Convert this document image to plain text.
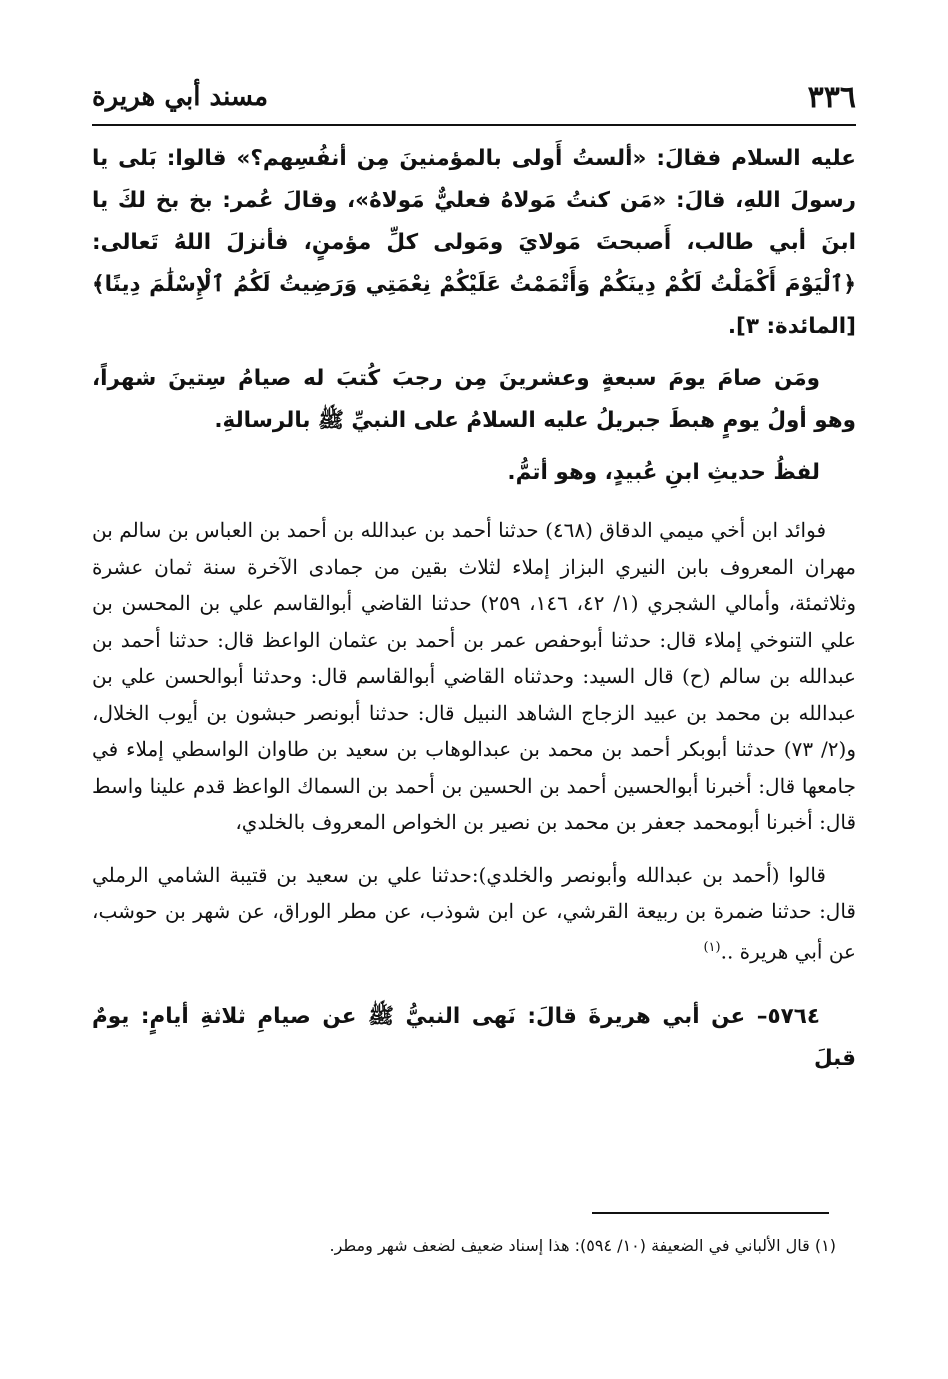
٣٣٦
مسند أبي هريرة

عليه السلام فقالَ: «ألستُ أَولى بالمؤمنينَ مِن أنفُسِهم؟» قالوا: بَلى يا رسولَ اللهِ، قالَ: «مَن كنتُ مَولاهُ فعليٌّ مَولاهُ»، وقالَ عُمر: بخ بخ لكَ يا ابنَ أبي طالب، أَصبحتَ مَولايَ ومَولى كلِّ مؤمنٍ، فأنزلَ اللهُ تَعالى: ﴿ٱلْيَوْمَ أَكْمَلْتُ لَكُمْ دِينَكُمْ وَأَتْمَمْتُ عَلَيْكُمْ نِعْمَتِي وَرَضِيتُ لَكُمُ ٱلْإِسْلَٰمَ دِينًا﴾ [المائدة: ٣].

ومَن صامَ يومَ سبعةٍ وعشرينَ مِن رجبَ كُتبَ له صيامُ سِتينَ شهراً، وهو أولُ يومٍ هبطَ جبريلُ عليه السلامُ على النبيِّ ﷺ بالرسالةِ.

لفظُ حديثِ ابنِ عُبيدٍ، وهو أتمُّ.

فوائد ابن أخي ميمي الدقاق (٤٦٨) حدثنا أحمد بن عبدالله بن أحمد بن العباس بن سالم بن مهران المعروف بابن النيري البزاز إملاء لثلاث بقين من جمادى الآخرة سنة ثمان عشرة وثلاثمئة، وأمالي الشجري (١/ ٤٢، ١٤٦، ٢٥٩) حدثنا القاضي أبوالقاسم علي بن المحسن بن علي التنوخي إملاء قال: حدثنا أبوحفص عمر بن أحمد بن عثمان الواعظ قال: حدثنا أحمد بن عبدالله بن سالم (ح) قال السيد: وحدثناه القاضي أبوالقاسم قال: وحدثنا أبوالحسن علي بن عبدالله بن محمد بن عبيد الزجاج الشاهد النبيل قال: حدثنا أبونصر حبشون بن أيوب الخلال، و(٢/ ٧٣) حدثنا أبوبكر أحمد بن محمد بن عبدالوهاب بن سعيد بن طاوان الواسطي إملاء في جامعها قال: أخبرنا أبوالحسين أحمد بن الحسين بن أحمد بن السماك الواعظ قدم علينا واسط قال: أخبرنا أبومحمد جعفر بن محمد بن نصير بن الخواص المعروف بالخلدي،

قالوا (أحمد بن عبدالله وأبونصر والخلدي):حدثنا علي بن سعيد بن قتيبة الشامي الرملي قال: حدثنا ضمرة بن ربيعة القرشي، عن ابن شوذب، عن مطر الوراق، عن شهر بن حوشب، عن أبي هريرة ..$^{(١)}$

٥٧٦٤– عن أبي هريرةَ قالَ: نَهى النبيُّ ﷺ عن صيامِ ثلاثةِ أيامٍ: يومٌ قبلَ

(١) قال الألباني في الضعيفة (١٠/ ٥٩٤): هذا إسناد ضعيف لضعف شهر ومطر.
